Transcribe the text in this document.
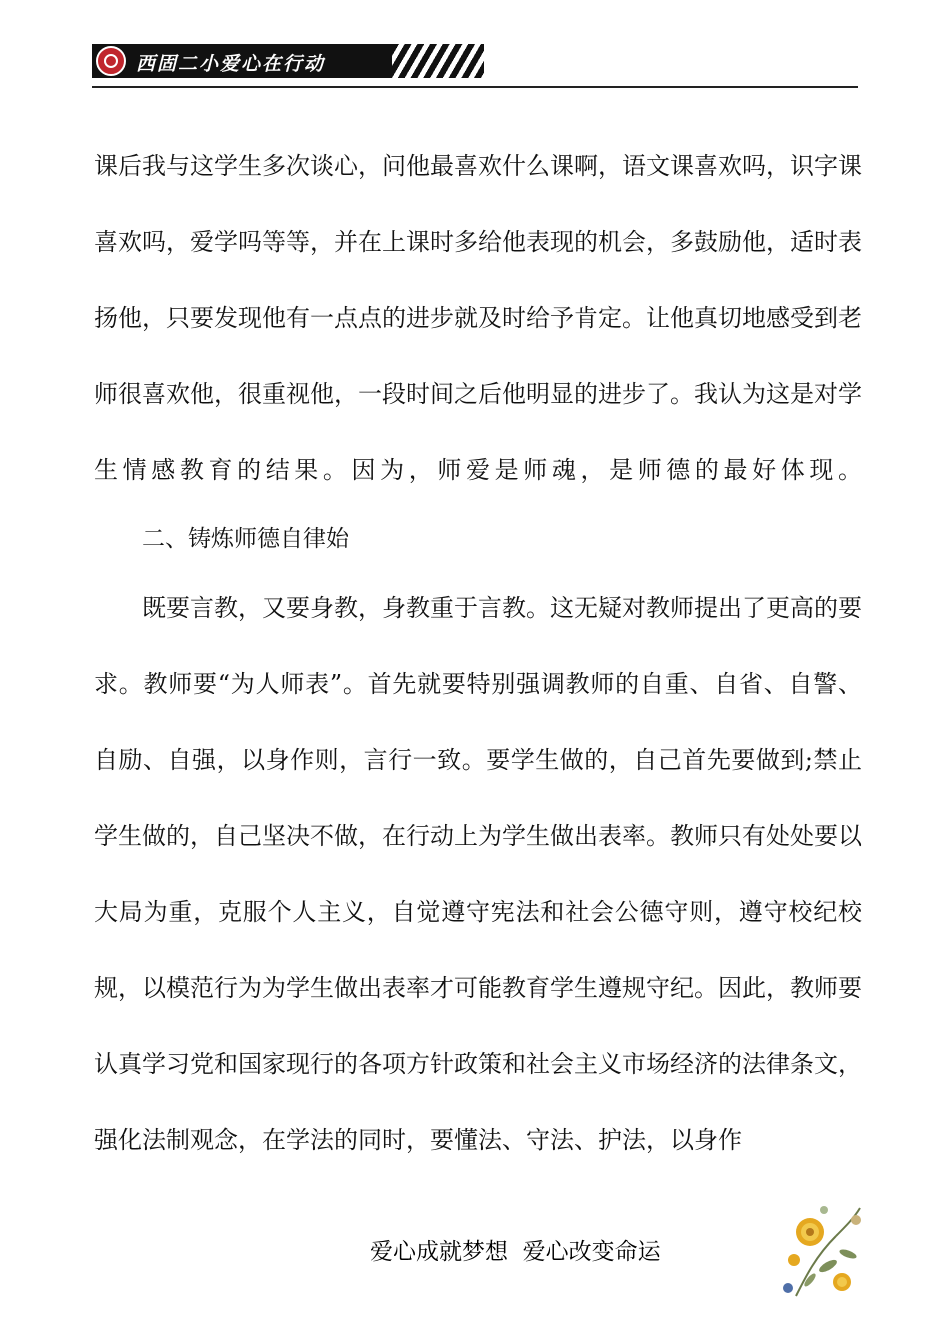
西固二小爱心在行动

课后我与这学生多次谈心，问他最喜欢什么课啊，语文课喜欢吗，识字课喜欢吗，爱学吗等等，并在上课时多给他表现的机会，多鼓励他，适时表扬他，只要发现他有一点点的进步就及时给予肯定。让他真切地感受到老师很喜欢他，很重视他，一段时间之后他明显的进步了。我认为这是对学生情感教育的结果。因为，师爱是师魂，是师德的最好体现。

二、铸炼师德自律始

既要言教，又要身教，身教重于言教。这无疑对教师提出了更高的要求。教师要“为人师表”。首先就要特别强调教师的自重、自省、自警、自励、自强，以身作则，言行一致。要学生做的，自己首先要做到;禁止学生做的，自己坚决不做，在行动上为学生做出表率。教师只有处处要以大局为重，克服个人主义，自觉遵守宪法和社会公德守则，遵守校纪校规，以模范行为为学生做出表率才可能教育学生遵规守纪。因此，教师要认真学习党和国家现行的各项方针政策和社会主义市场经济的法律条文，强化法制观念，在学法的同时，要懂法、守法、护法，以身作

爱心成就梦想  爱心改变命运
